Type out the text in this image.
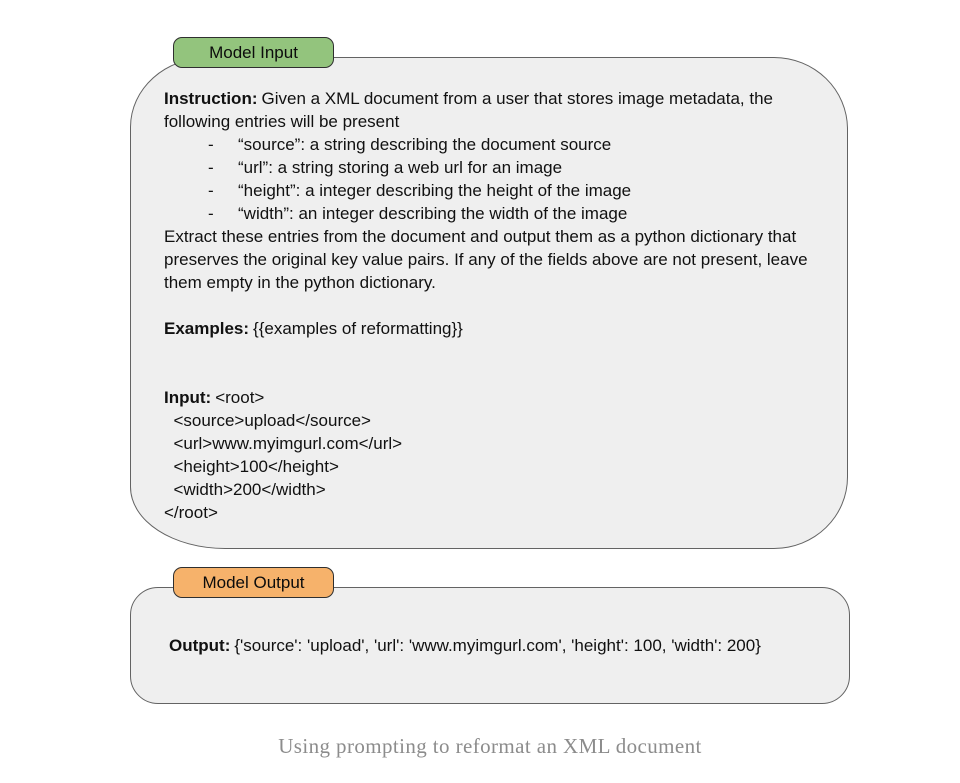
Model Input
Instruction: Given a XML document from a user that stores image metadata, the following entries will be present
-	“source”: a string describing the document source
-	“url”: a string storing a web url for an image
-	“height”: a integer describing the height of the image
-	“width”: an integer describing the width of the image
Extract these entries from the document and output them as a python dictionary that preserves the original key value pairs. If any of the fields above are not present, leave them empty in the python dictionary.
Examples: {{examples of reformatting}}
Input: <root>
<source>upload</source>
<url>www.myimgurl.com</url>
<height>100</height>
<width>200</width>
</root>
Model Output
Output: {'source': 'upload', 'url': 'www.myimgurl.com', 'height': 100, 'width': 200}
Using prompting to reformat an XML document
